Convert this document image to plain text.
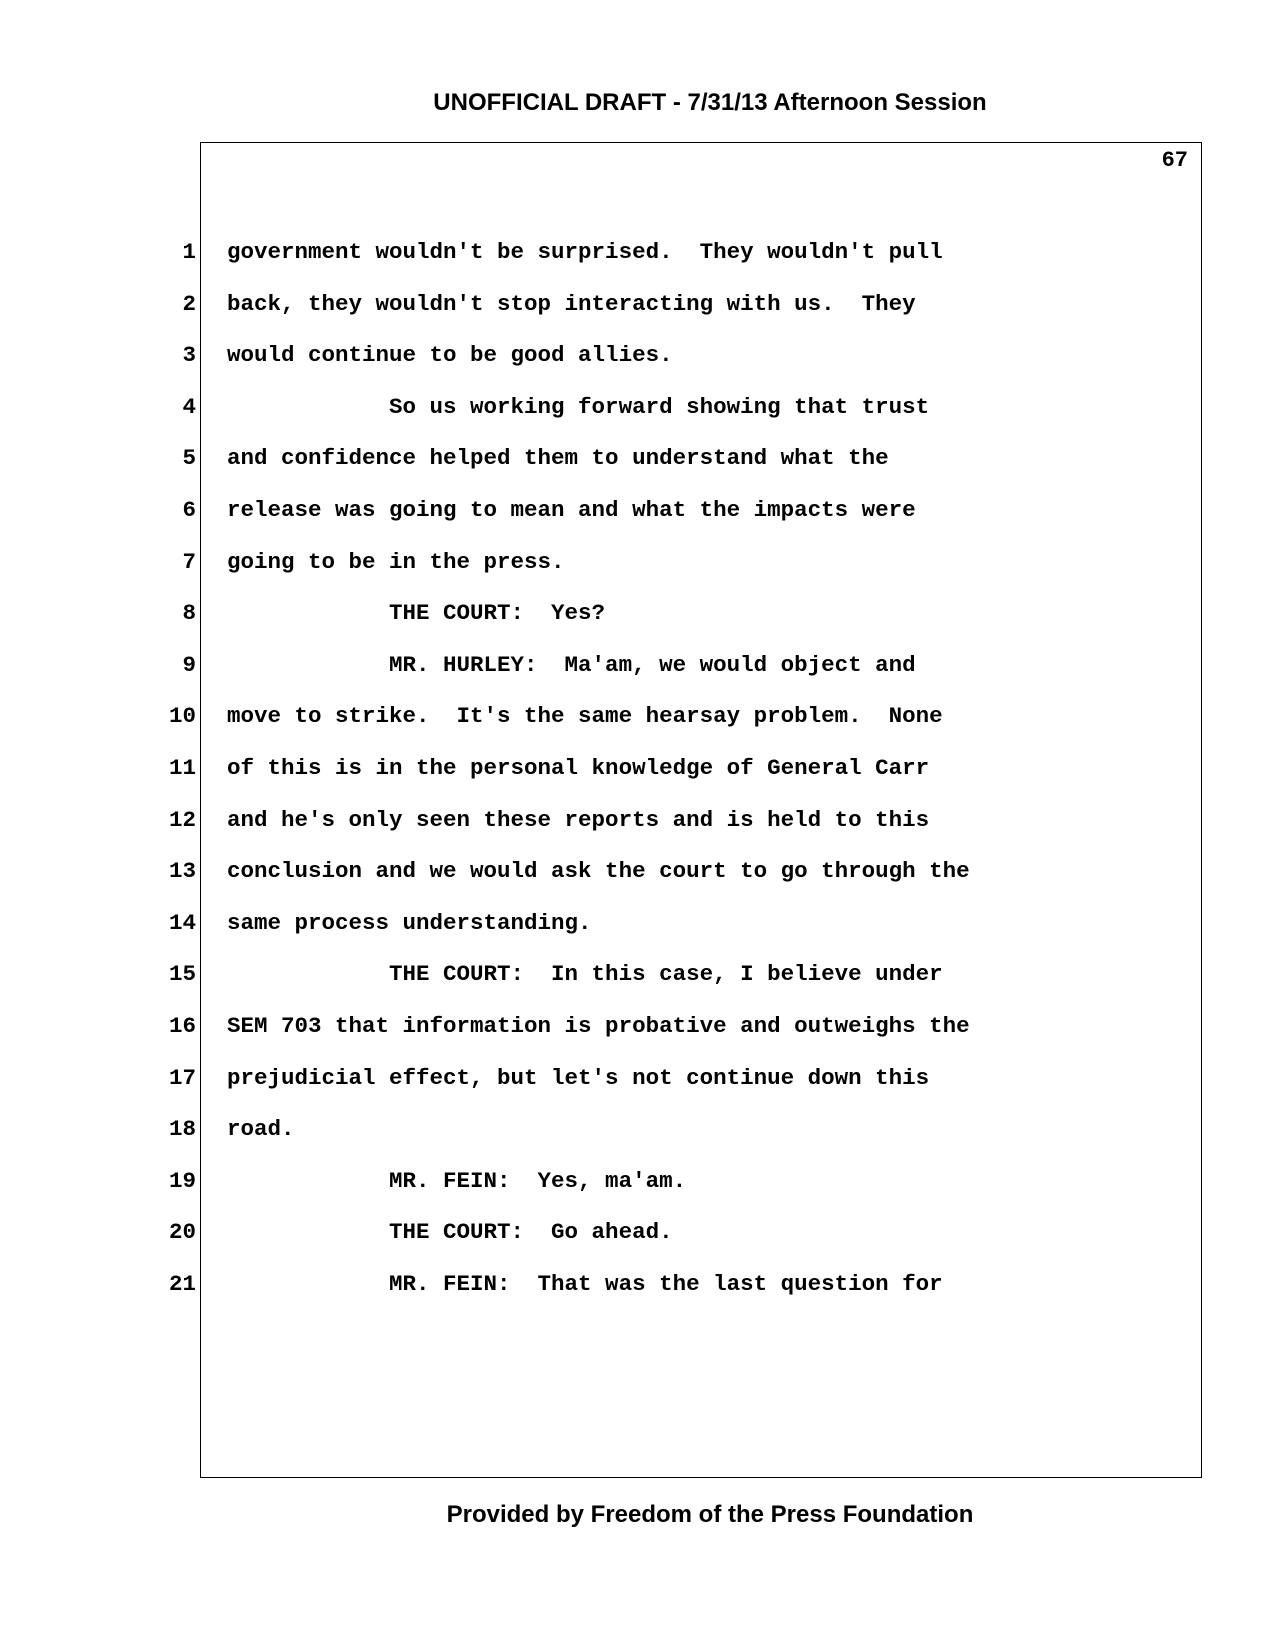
UNOFFICIAL DRAFT - 7/31/13 Afternoon Session
67
1 government wouldn't be surprised.  They wouldn't pull
2 back, they wouldn't stop interacting with us.  They
3 would continue to be good allies.
4 So us working forward showing that trust
5 and confidence helped them to understand what the
6 release was going to mean and what the impacts were
7 going to be in the press.
8 THE COURT:  Yes?
9 MR. HURLEY:  Ma'am, we would object and
10 move to strike.  It's the same hearsay problem.  None
11 of this is in the personal knowledge of General Carr
12 and he's only seen these reports and is held to this
13 conclusion and we would ask the court to go through the
14 same process understanding.
15 THE COURT:  In this case, I believe under
16 SEM 703 that information is probative and outweighs the
17 prejudicial effect, but let's not continue down this
18 road.
19 MR. FEIN:  Yes, ma'am.
20 THE COURT:  Go ahead.
21 MR. FEIN:  That was the last question for
Provided by Freedom of the Press Foundation
